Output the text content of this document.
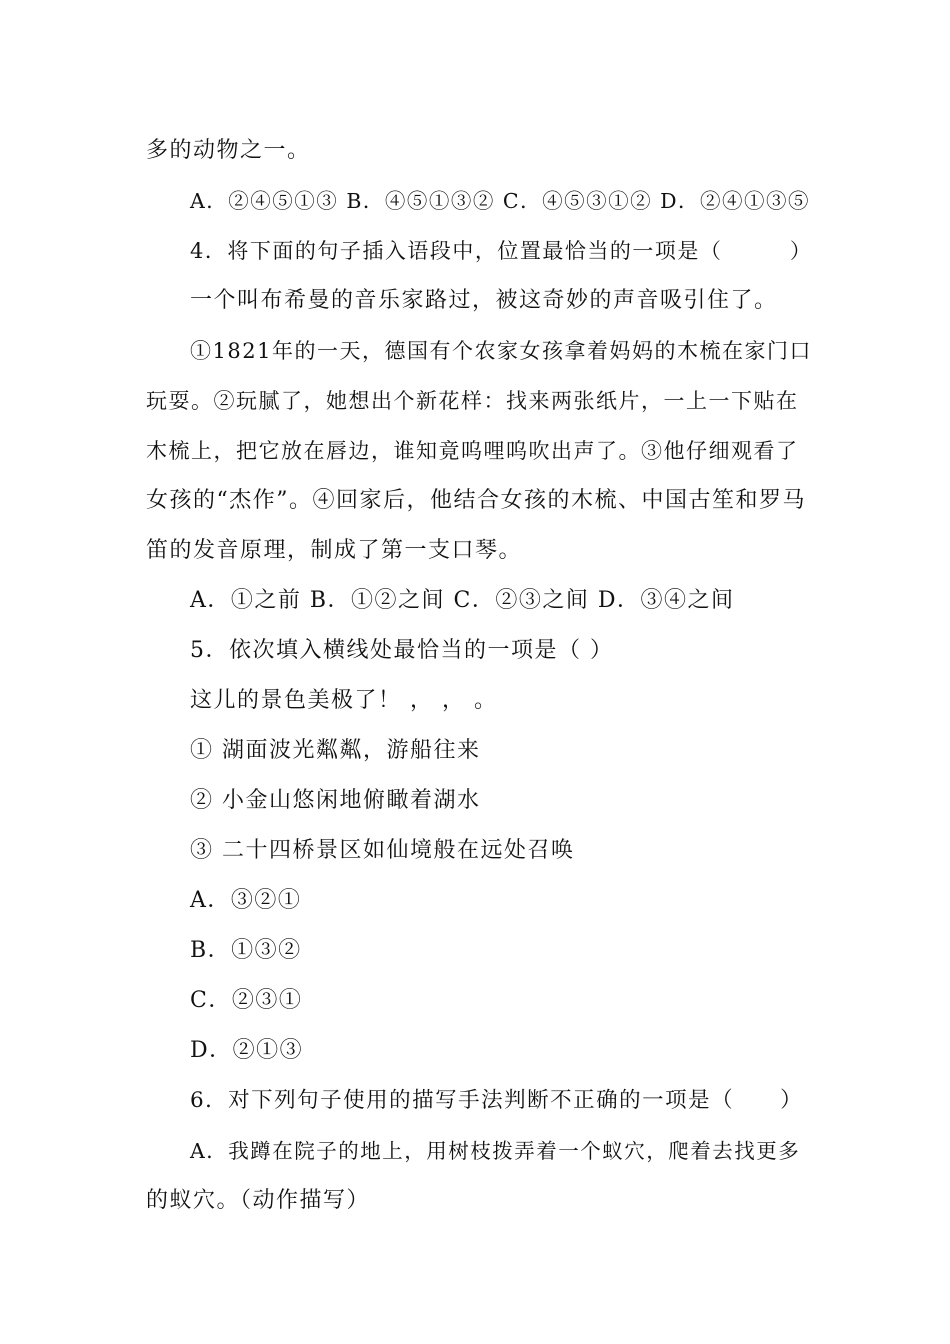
多的动物之一。
A．②④⑤①③ B．④⑤①③② C．④⑤③①② D．②④①③⑤
4．将下面的句子插入语段中，位置最恰当的一项是（　　　）
一个叫布希曼的音乐家路过，被这奇妙的声音吸引住了。
①1821年的一天，德国有个农家女孩拿着妈妈的木梳在家门口
玩耍。②玩腻了，她想出个新花样：找来两张纸片，一上一下贴在
木梳上，把它放在唇边，谁知竟呜哩呜吹出声了。③他仔细观看了
女孩的“杰作”。④回家后，他结合女孩的木梳、中国古笙和罗马
笛的发音原理，制成了第一支口琴。
A．①之前 B．①②之间 C．②③之间 D．③④之间
5．依次填入横线处最恰当的一项是（ ）
这儿的景色美极了！ ， ， 。
① 湖面波光粼粼，游船往来
② 小金山悠闲地俯瞰着湖水
③ 二十四桥景区如仙境般在远处召唤
A．③②①
B．①③②
C．②③①
D．②①③
6．对下列句子使用的描写手法判断不正确的一项是（　　）
A．我蹲在院子的地上，用树枝拨弄着一个蚁穴，爬着去找更多
的蚁穴。（动作描写）
